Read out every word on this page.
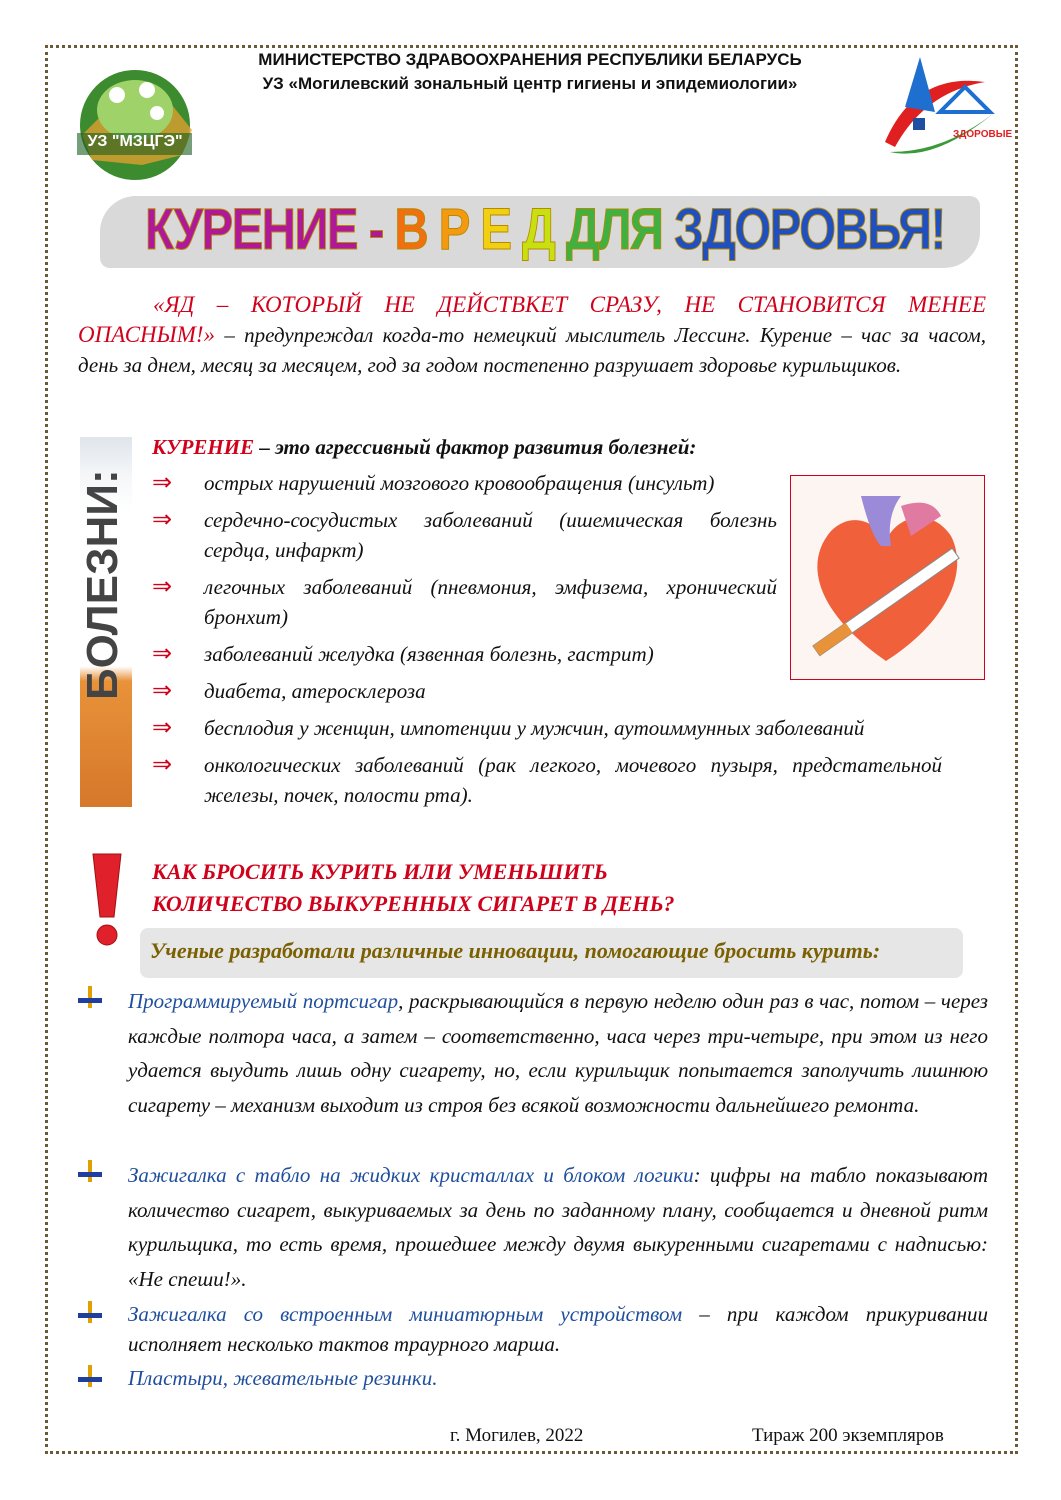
УЗ "МЗЦГЭ"
МИНИСТЕРСТВО ЗДРАВООХРАНЕНИЯ РЕСПУБЛИКИ БЕЛАРУСЬ
УЗ «Могилевский зональный центр гигиены и эпидемиологии»
ЗДОРОВЫЕ
КУРЕНИЕ - В Р Е Д ДЛЯ ЗДОРОВЬЯ!

«ЯД – КОТОРЫЙ НЕ ДЕЙСТВКЕТ СРАЗУ, НЕ СТАНОВИТСЯ МЕНЕЕ ОПАСНЫМ!» – предупреждал когда-то немецкий мыслитель Лессинг. Курение – час за часом, день за днем, месяц за месяцем, год за годом постепенно разрушает здоровье курильщиков.

БОЛЕЗНИ:
КУРЕНИЕ – это агрессивный фактор развития болезней:
⇒	острых нарушений мозгового кровообращения (инсульт)
⇒	сердечно-сосудистых заболеваний (ишемическая болезнь сердца, инфаркт)
⇒	легочных заболеваний (пневмония, эмфизема, хронический бронхит)
⇒	заболеваний желудка (язвенная болезнь, гастрит)
⇒	диабета, атеросклероза
⇒	бесплодия у женщин, импотенции у мужчин, аутоиммунных заболеваний
⇒	онкологических заболеваний (рак легкого, мочевого пузыря, предстательной железы, почек, полости рта).
КАК БРОСИТЬ КУРИТЬ ИЛИ УМЕНЬШИТЬ
КОЛИЧЕСТВО ВЫКУРЕННЫХ СИГАРЕТ В ДЕНЬ?
Ученые разработали различные инновации, помогающие бросить курить:
Программируемый портсигар, раскрывающийся в первую неделю один раз в час, потом – через каждые полтора часа, а затем – соответственно, часа через три-четыре, при этом из него удается выудить лишь одну сигарету, но, если курильщик попытается заполучить лишнюю сигарету – механизм выходит из строя без всякой возможности дальнейшего ремонта.
Зажигалка с табло на жидких кристаллах и блоком логики: цифры на табло показывают количество сигарет, выкуриваемых за день по заданному плану, сообщается и дневной ритм курильщика, то есть время, прошедшее между двумя выкуренными сигаретами с надписью: «Не спеши!».
Зажигалка со встроенным миниатюрным устройством – при каждом прикуривании исполняет несколько тактов траурного марша.
Пластыри, жевательные резинки.
г. Могилев, 2022	Тираж 200 экземпляров
